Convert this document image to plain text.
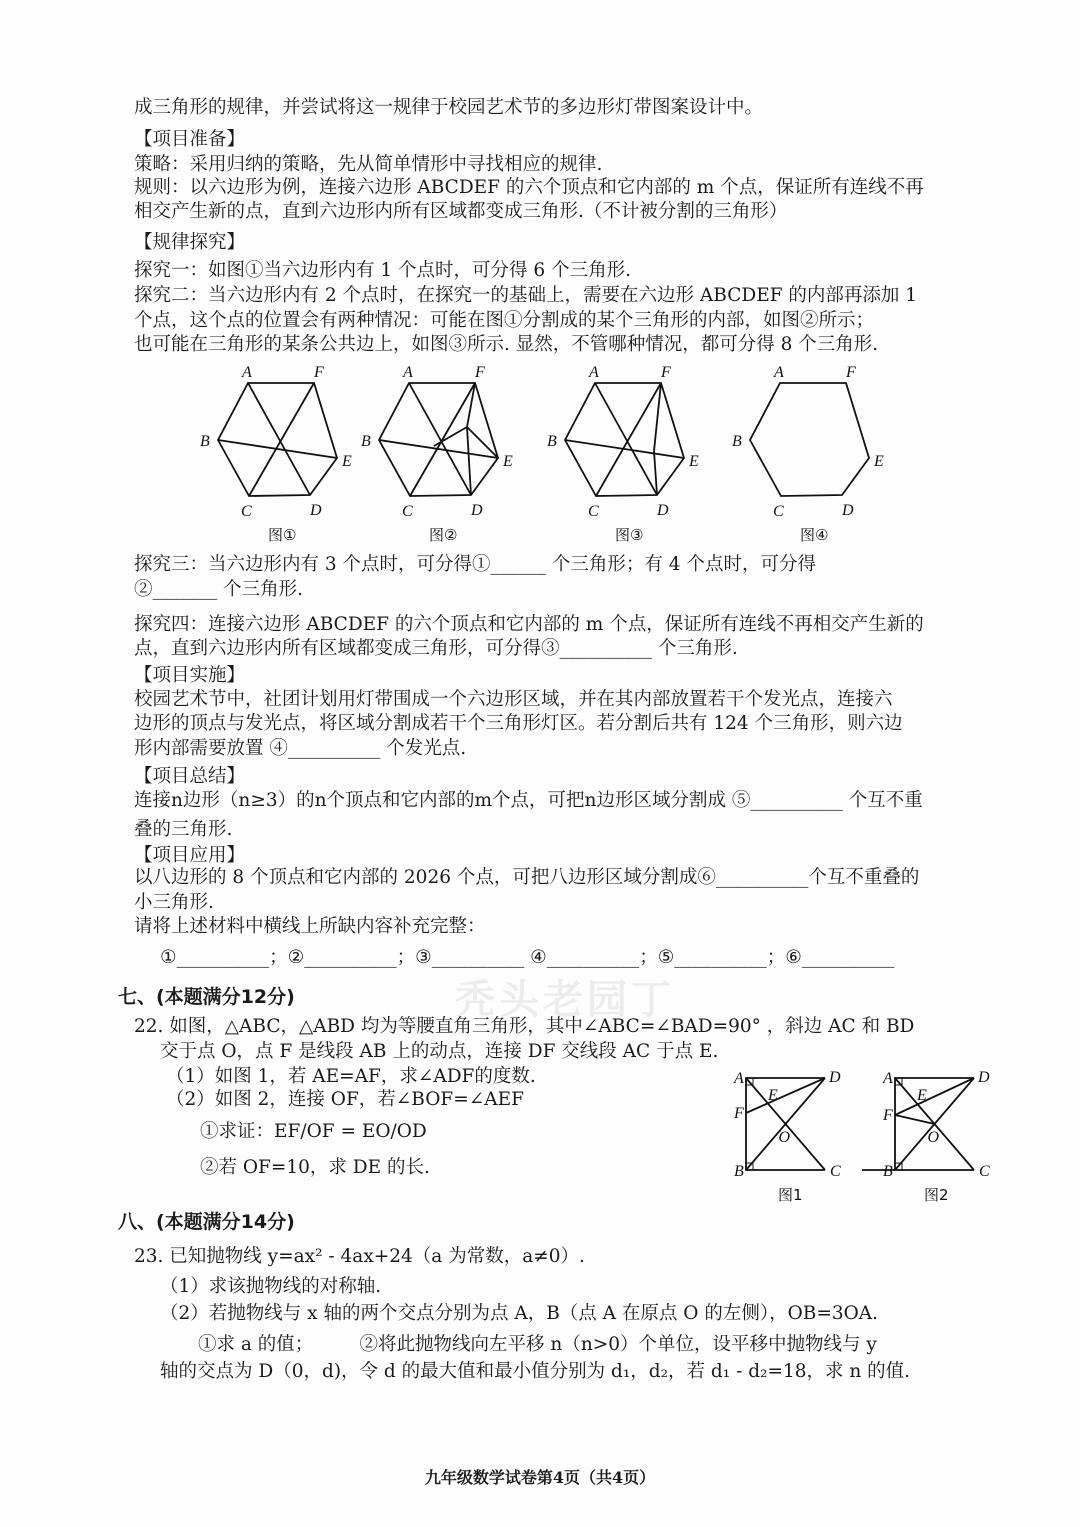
秃头老园丁
成三角形的规律，并尝试将这一规律于校园艺术节的多边形灯带图案设计中。
【项目准备】
策略：采用归纳的策略，先从简单情形中寻找相应的规律.
规则：以六边形为例，连接六边形 ABCDEF 的六个顶点和它内部的 m 个点，保证所有连线不再
相交产生新的点，直到六边形内所有区域都变成三角形.（不计被分割的三角形）
【规律探究】
探究一：如图①当六边形内有 1 个点时，可分得 6 个三角形.
探究二：当六边形内有 2 个点时，在探究一的基础上，需要在六边形 ABCDEF 的内部再添加 1
个点，这个点的位置会有两种情况：可能在图①分割成的某个三角形的内部，如图②所示；
也可能在三角形的某条公共边上，如图③所示. 显然，不管哪种情况，都可分得 8 个三角形.
探究三：当六边形内有 3 个点时，可分得①______ 个三角形；有 4 个点时，可分得
②_______ 个三角形.
探究四：连接六边形 ABCDEF 的六个顶点和它内部的 m 个点，保证所有连线不再相交产生新的
点，直到六边形内所有区域都变成三角形，可分得③__________ 个三角形.
【项目实施】
校园艺术节中，社团计划用灯带围成一个六边形区域，并在其内部放置若干个发光点，连接六
边形的顶点与发光点，将区域分割成若干个三角形灯区。若分割后共有 124 个三角形，则六边
形内部需要放置 ④__________ 个发光点.
【项目总结】
连接n边形（n≥3）的n个顶点和它内部的m个点，可把n边形区域分割成 ⑤__________ 个互不重
叠的三角形.
【项目应用】
以八边形的 8 个顶点和它内部的 2026 个点，可把八边形区域分割成⑥__________个互不重叠的
小三角形.
请将上述材料中横线上所缺内容补充完整：
①__________；②__________；③__________ ④__________；⑤__________；⑥__________
七、(本题满分12分)
22. 如图，△ABC，△ABD 均为等腰直角三角形，其中∠ABC=∠BAD=90° ，斜边 AC 和 BD
交于点 O，点 F 是线段 AB 上的动点，连接 DF 交线段 AC 于点 E.
（1）如图 1，若 AE=AF，求∠ADF的度数.
（2）如图 2，连接 OF，若∠BOF=∠AEF
①求证：EF/OF = EO/OD
②若 OF=10，求 DE 的长.
八、(本题满分14分)
23. 已知抛物线 y=ax² - 4ax+24（a 为常数，a≠0）.
（1）求该抛物线的对称轴.
（2）若抛物线与 x 轴的两个交点分别为点 A，B（点 A 在原点 O 的左侧），OB=3OA.
①求 a 的值；　　　②将此抛物线向左平移 n（n>0）个单位，设平移中抛物线与 y
轴的交点为 D（0，d)，令 d 的最大值和最小值分别为 d₁，d₂，若 d₁ - d₂=18，求 n 的值.
九年级数学试卷第4页（共4页）
A	F
B
E
C	D
图①
A	F
B
E
C	D
图②
A	F
B
E
C	D
图③
A	F
B
E
C	D
图④
A	D
E
F
O
B	C
A	D
E
F
O
B	C
图1	图2
